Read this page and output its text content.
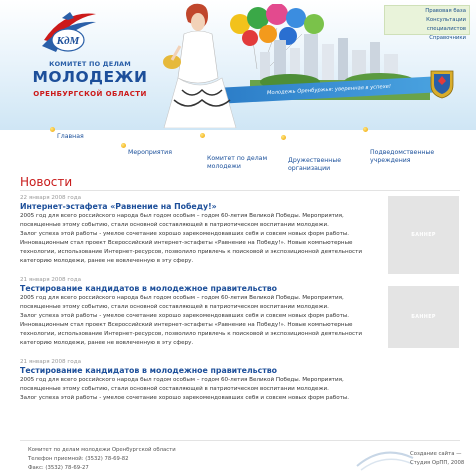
Молодежь Оренбуржья: уверенная в успехе!
КдМ
КОМИТЕТ ПО ДЕЛАМ
МОЛОДЕЖИ
ОРЕНБУРГСКОЙ ОБЛАСТИ
Правовая база
Консультации специалистов
Справочники
Главная
Мероприятия

Комитет по делам
молодежи

Дружественные
организации

Подведомственные
учреждения

Новости
22 января 2008 года
Интернет-эстафета «Равнение на Победу!»

2005 год для всего российского народа был годом особым – годом 60-летия Великой Победы. Мероприятия, посвященные этому событию, стали основной составляющей в патриотическом воспитании молодежи.

Залог успеха этой работы - умелое сочетание хорошо зарекомендовавших себя и совсем новых форм работы.

Инновационным стал проект Всероссийский интернет-эстафеты «Равнение на Победу!». Новые компьютерные технологии, использование Интернет-ресурсов, позволило привлечь к поисковой и экспозиционной деятельности категорию молодежи, ранее не вовлеченную в эту сферу.

21 января 2008 года
Тестирование кандидатов в молодежное правительство

2005 год для всего российского народа был годом особым – годом 60-летия Великой Победы. Мероприятия, посвященные этому событию, стали основной составляющей в патриотическом воспитании молодежи.

Залог успеха этой работы - умелое сочетание хорошо зарекомендовавших себя и совсем новых форм работы.

Инновационным стал проект Всероссийский интернет-эстафеты «Равнение на Победу!». Новые компьютерные технологии, использование Интернет-ресурсов, позволило привлечь к поисковой и экспозиционной деятельности категорию молодежи, ранее не вовлеченную в эту сферу.

21 января 2008 года
Тестирование кандидатов в молодежное правительство

2005 год для всего российского народа был годом особым – годом 60-летия Великой Победы. Мероприятия, посвященные этому событию, стали основной составляющей в патриотическом воспитании молодежи.

Залог успеха этой работы - умелое сочетание хорошо зарекомендовавших себя и совсем новых форм работы.

БАННЕР
БАННЕР
Комитет по делам молодежи Оренбургской области
Телефон приемной: (3532) 78-69-82
Факс: (3532) 78-69-27
Создание сайта —
Студия ОрПП, 2008
